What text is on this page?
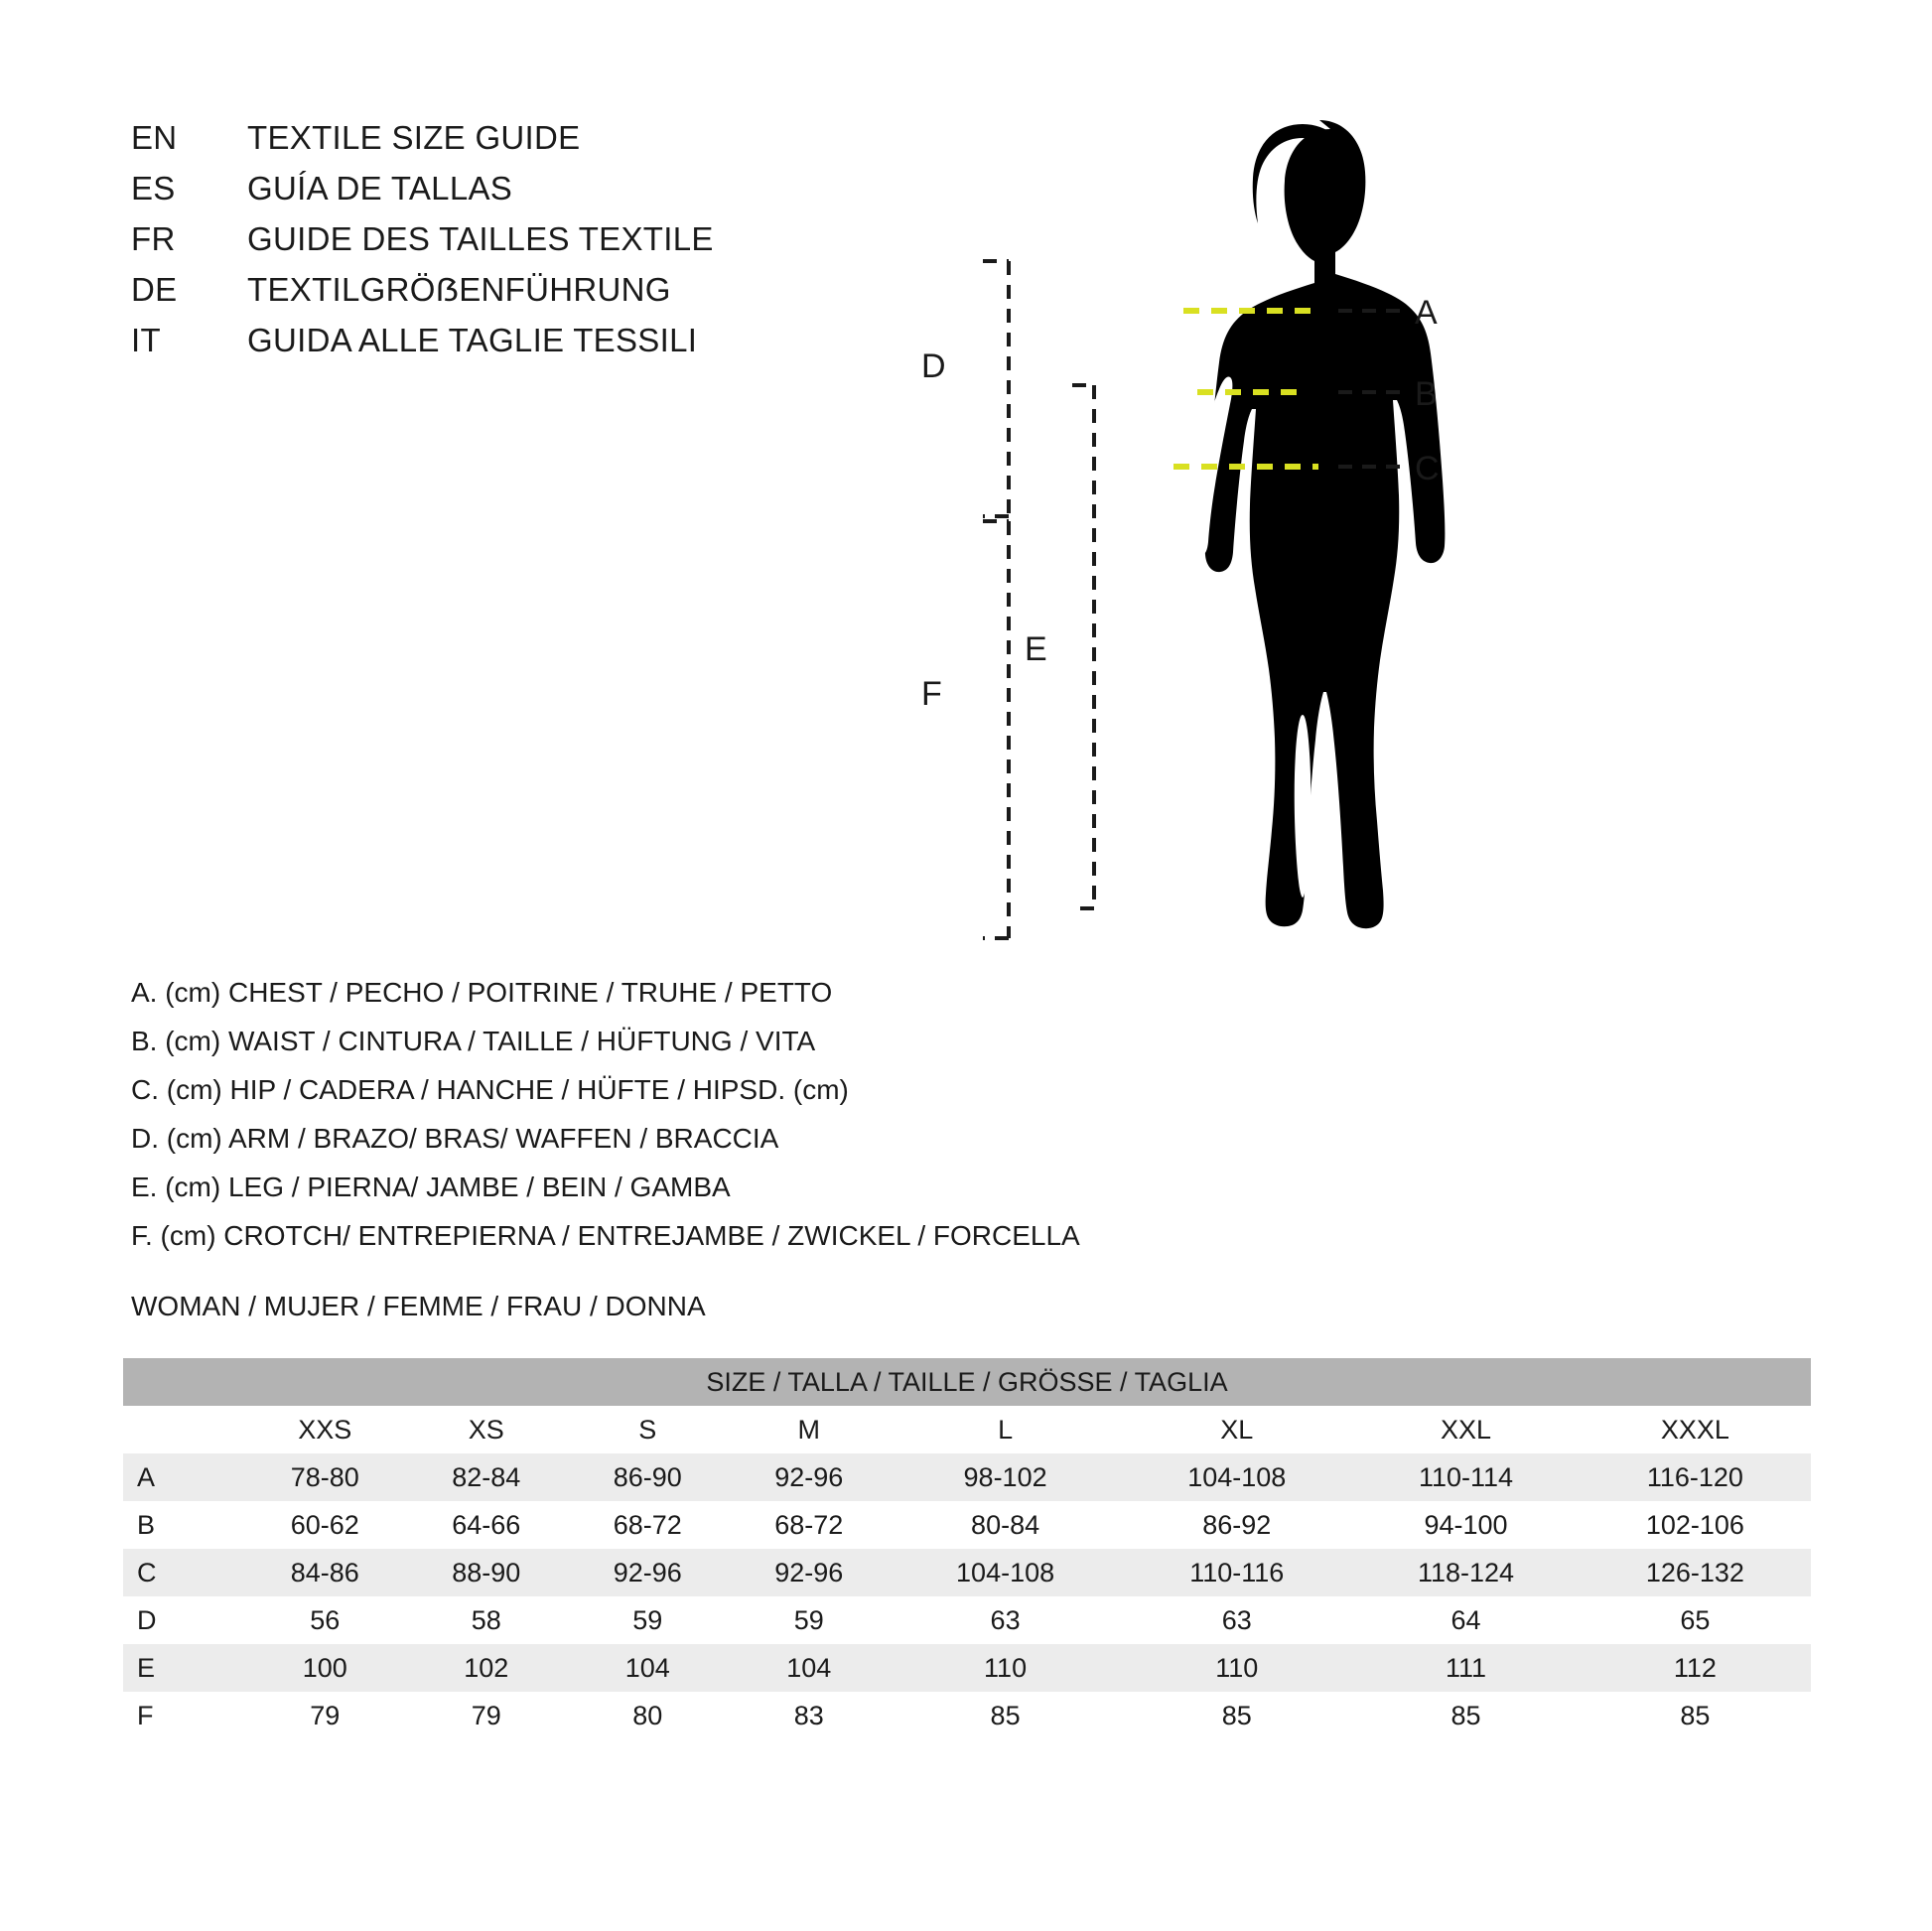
EN	TEXTILE SIZE GUIDE
ES	GUÍA DE TALLAS
FR	GUIDE DES TAILLES TEXTILE
DE	TEXTILGRÖẞENFÜHRUNG
IT	GUIDA ALLE TAGLIE TESSILI
A
B
C
D
F
E
A. (cm) CHEST / PECHO / POITRINE / TRUHE / PETTO
B. (cm) WAIST / CINTURA / TAILLE / HÜFTUNG / VITA
C. (cm) HIP / CADERA / HANCHE / HÜFTE / HIPSD. (cm)
D. (cm) ARM / BRAZO/ BRAS/ WAFFEN / BRACCIA
E. (cm) LEG / PIERNA/ JAMBE / BEIN / GAMBA
F. (cm) CROTCH/ ENTREPIERNA / ENTREJAMBE / ZWICKEL / FORCELLA
WOMAN / MUJER / FEMME / FRAU / DONNA
SIZE / TALLA / TAILLE / GRÖSSE / TAGLIA								
	XXS	XS	S	M	L	XL	XXL	XXXL
A	78-80	82-84	86-90	92-96	98-102	104-108	110-114	116-120
B	60-62	64-66	68-72	68-72	80-84	86-92	94-100	102-106
C	84-86	88-90	92-96	92-96	104-108	110-116	118-124	126-132
D	56	58	59	59	63	63	64	65
E	100	102	104	104	110	110	111	112
F	79	79	80	83	85	85	85	85
